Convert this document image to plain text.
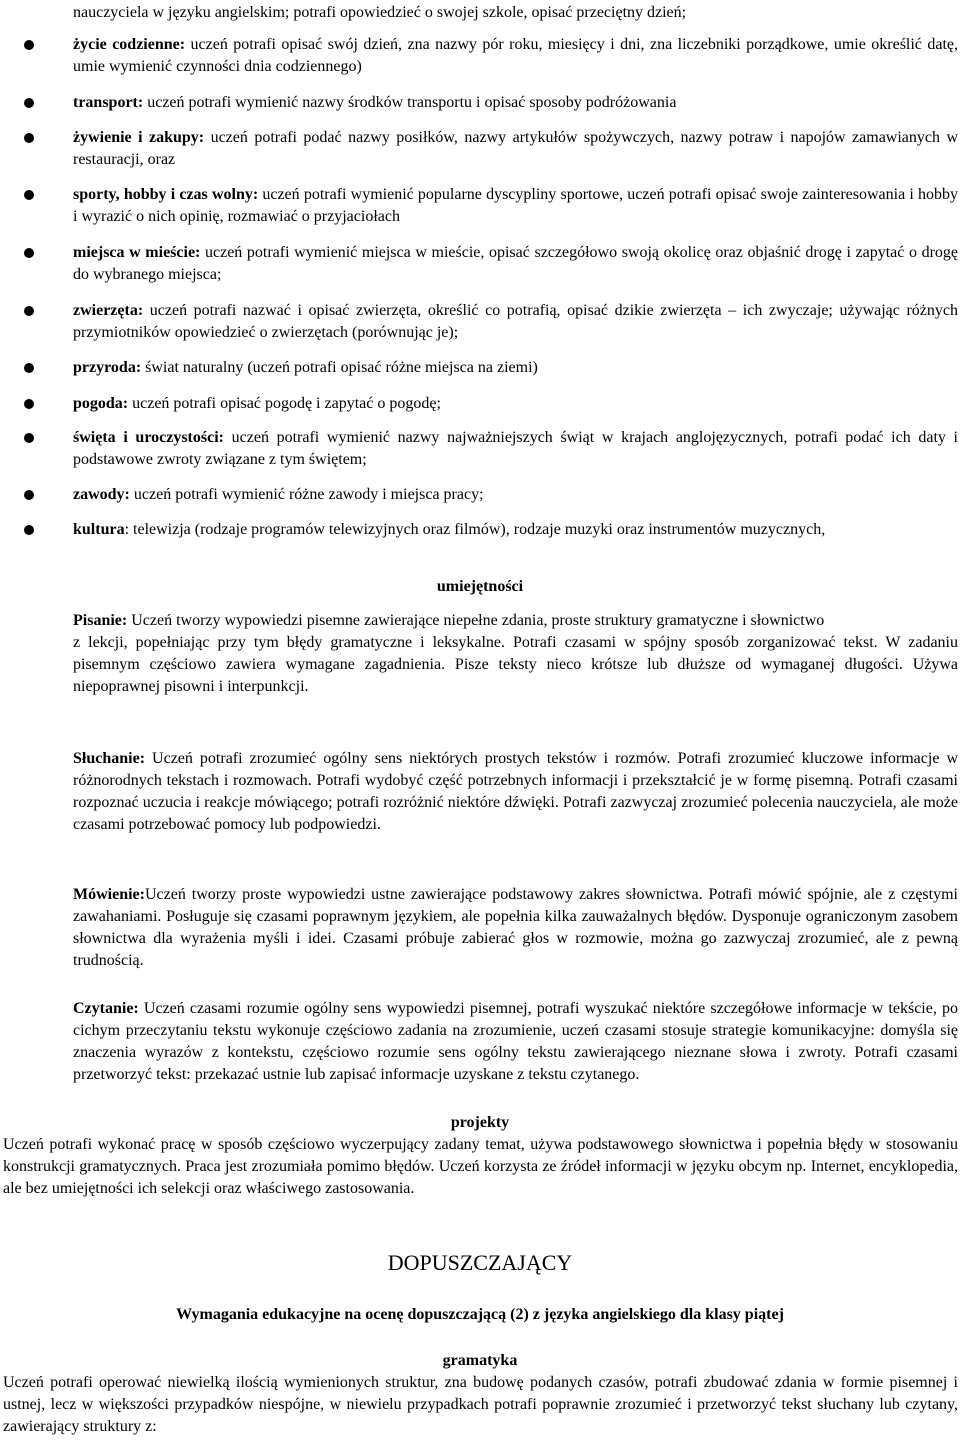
nauczyciela w języku angielskim; potrafi opowiedzieć o swojej szkole, opisać przeciętny dzień;

życie codzienne: uczeń potrafi opisać swój dzień, zna nazwy pór roku, miesięcy i dni, zna liczebniki porządkowe, umie określić datę, umie wymienić czynności dnia codziennego)
transport: uczeń potrafi wymienić nazwy środków transportu i opisać sposoby podróżowania
żywienie i zakupy: uczeń potrafi podać nazwy posiłków, nazwy artykułów spożywczych, nazwy potraw i napojów zamawianych w restauracji, oraz
sporty, hobby i czas wolny: uczeń potrafi wymienić popularne dyscypliny sportowe, uczeń potrafi opisać swoje zainteresowania i hobby i wyrazić o nich opinię, rozmawiać o przyjaciołach
miejsca w mieście: uczeń potrafi wymienić miejsca w mieście, opisać szczegółowo swoją okolicę oraz objaśnić drogę i zapytać o drogę do wybranego miejsca;
zwierzęta: uczeń potrafi nazwać i opisać zwierzęta, określić co potrafią, opisać dzikie zwierzęta – ich zwyczaje; używając różnych przymiotników opowiedzieć o zwierzętach (porównując je);
przyroda: świat naturalny (uczeń potrafi opisać różne miejsca na ziemi)
pogoda: uczeń potrafi opisać pogodę i zapytać o pogodę;
święta i uroczystości: uczeń potrafi wymienić nazwy najważniejszych świąt w krajach anglojęzycznych, potrafi podać ich daty i podstawowe zwroty związane z tym świętem;
zawody: uczeń potrafi wymienić różne zawody i miejsca pracy;
kultura: telewizja (rodzaje programów telewizyjnych oraz filmów), rodzaje muzyki oraz instrumentów muzycznych,
umiejętności

Pisanie: Uczeń tworzy wypowiedzi pisemne zawierające niepełne zdania, proste struktury gramatyczne i słownictwo

z lekcji, popełniając przy tym błędy gramatyczne i leksykalne. Potrafi czasami w spójny sposób zorganizować tekst. W zadaniu pisemnym częściowo zawiera wymagane zagadnienia. Pisze teksty nieco krótsze lub dłuższe od wymaganej długości. Używa niepoprawnej pisowni i interpunkcji.

Słuchanie: Uczeń potrafi zrozumieć ogólny sens niektórych prostych tekstów i rozmów. Potrafi zrozumieć kluczowe informacje w różnorodnych tekstach i rozmowach. Potrafi wydobyć część potrzebnych informacji i przekształcić je w formę pisemną. Potrafi czasami rozpoznać uczucia i reakcje mówiącego; potrafi rozróżnić niektóre dźwięki. Potrafi zazwyczaj zrozumieć polecenia nauczyciela, ale może czasami potrzebować pomocy lub podpowiedzi.
Mówienie:Uczeń tworzy proste wypowiedzi ustne zawierające podstawowy zakres słownictwa. Potrafi mówić spójnie, ale z częstymi zawahaniami. Posługuje się czasami poprawnym językiem, ale popełnia kilka zauważalnych błędów. Dysponuje ograniczonym zasobem słownictwa dla wyrażenia myśli i idei. Czasami próbuje zabierać głos w rozmowie, można go zazwyczaj zrozumieć, ale z pewną trudnością.
Czytanie: Uczeń czasami rozumie ogólny sens wypowiedzi pisemnej, potrafi wyszukać niektóre szczegółowe informacje w tekście, po cichym przeczytaniu tekstu wykonuje częściowo zadania na zrozumienie, uczeń czasami stosuje strategie komunikacyjne: domyśla się znaczenia wyrazów z kontekstu, częściowo rozumie sens ogólny tekstu zawierającego nieznane słowa i zwroty. Potrafi czasami przetworzyć tekst: przekazać ustnie lub zapisać informacje uzyskane z tekstu czytanego.
projekty

Uczeń potrafi wykonać pracę w sposób częściowo wyczerpujący zadany temat, używa podstawowego słownictwa i popełnia błędy w stosowaniu konstrukcji gramatycznych. Praca jest zrozumiała pomimo błędów. Uczeń korzysta ze źródeł informacji w języku obcym np. Internet, encyklopedia, ale bez umiejętności ich selekcji oraz właściwego zastosowania.

DOPUSZCZAJĄCY
Wymagania edukacyjne na ocenę dopuszczającą (2) z języka angielskiego dla klasy piątej
gramatyka

Uczeń potrafi operować niewielką ilością wymienionych struktur, zna budowę podanych czasów, potrafi zbudować zdania w formie pisemnej i ustnej, lecz w większości przypadków niespójne, w niewielu przypadkach potrafi poprawnie zrozumieć i przetworzyć tekst słuchany lub czytany, zawierający struktury z:
